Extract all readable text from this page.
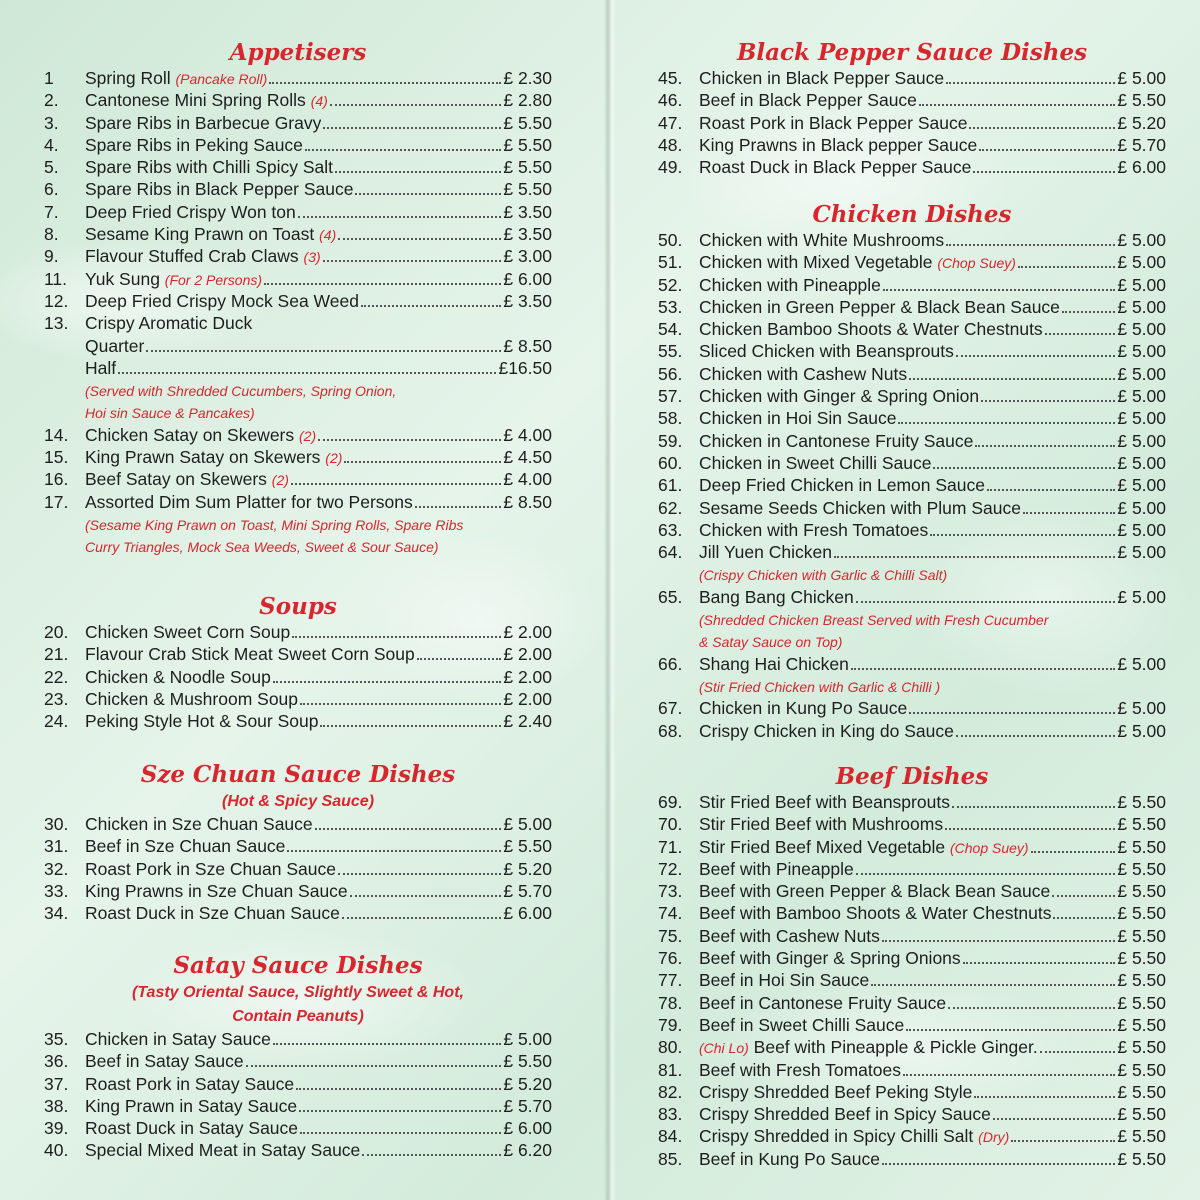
Appetisers
1	Spring Roll (Pancake Roll)	£ 2.30
2.	Cantonese Mini Spring Rolls (4)	£ 2.80
3.	Spare Ribs in Barbecue Gravy	£ 5.50
4.	Spare Ribs in Peking Sauce	£ 5.50
5.	Spare Ribs with Chilli Spicy Salt	£ 5.50
6.	Spare Ribs in Black Pepper Sauce	£ 5.50
7.	Deep Fried Crispy Won ton	£ 3.50
8.	Sesame King Prawn on Toast (4)	£ 3.50
9.	Flavour Stuffed Crab Claws (3)	£ 3.00
11.	Yuk Sung (For 2 Persons)	£ 6.00
12. Deep Fried Crispy Mock Sea Weed	£ 3.50
13. Crispy Aromatic Duck
Quarter	£ 8.50
Half	£16.50
(Served with Shredded Cucumbers, Spring Onion,
Hoi sin Sauce & Pancakes)
14. Chicken Satay on Skewers (2)	£ 4.00
15. King Prawn Satay on Skewers (2)	£ 4.50
16. Beef Satay on Skewers (2)	£ 4.00
17. Assorted Dim Sum Platter for two Persons	£ 8.50
(Sesame King Prawn on Toast, Mini Spring Rolls, Spare Ribs
Curry Triangles, Mock Sea Weeds, Sweet & Sour Sauce)
Soups
20. Chicken Sweet Corn Soup	£ 2.00
21. Flavour Crab Stick Meat Sweet Corn Soup	£ 2.00
22. Chicken & Noodle Soup	£ 2.00
23. Chicken & Mushroom Soup	£ 2.00
24. Peking Style Hot & Sour Soup	£ 2.40
Sze Chuan Sauce Dishes
(Hot & Spicy Sauce)
30. Chicken in Sze Chuan Sauce	£ 5.00
31. Beef in Sze Chuan Sauce	£ 5.50
32. Roast Pork in Sze Chuan Sauce	£ 5.20
33. King Prawns in Sze Chuan Sauce	£ 5.70
34. Roast Duck in Sze Chuan Sauce	£ 6.00
Satay Sauce Dishes
(Tasty Oriental Sauce, Slightly Sweet & Hot,
Contain Peanuts)
35. Chicken in Satay Sauce	£ 5.00
36. Beef in Satay Sauce	£ 5.50
37. Roast Pork in Satay Sauce	£ 5.20
38. King Prawn in Satay Sauce	£ 5.70
39. Roast Duck in Satay Sauce	£ 6.00
40. Special Mixed Meat in Satay Sauce	£ 6.20
Black Pepper Sauce Dishes
45. Chicken in Black Pepper Sauce	£ 5.00
46. Beef in Black Pepper Sauce	£ 5.50
47. Roast Pork in Black Pepper Sauce	£ 5.20
48. King Prawns in Black pepper Sauce	£ 5.70
49. Roast Duck in Black Pepper Sauce	£ 6.00
Chicken Dishes
50. Chicken with White Mushrooms	£ 5.00
51. Chicken with Mixed Vegetable (Chop Suey)	£ 5.00
52. Chicken with Pineapple	£ 5.00
53. Chicken in Green Pepper & Black Bean Sauce	£ 5.00
54. Chicken Bamboo Shoots & Water Chestnuts	£ 5.00
55. Sliced Chicken with Beansprouts	£ 5.00
56. Chicken with Cashew Nuts	£ 5.00
57. Chicken with Ginger & Spring Onion	£ 5.00
58. Chicken in Hoi Sin Sauce	£ 5.00
59. Chicken in Cantonese Fruity Sauce	£ 5.00
60. Chicken in Sweet Chilli Sauce	£ 5.00
61. Deep Fried Chicken in Lemon Sauce	£ 5.00
62. Sesame Seeds Chicken with Plum Sauce	£ 5.00
63. Chicken with Fresh Tomatoes	£ 5.00
64. Jill Yuen Chicken	£ 5.00
(Crispy Chicken with Garlic & Chilli Salt)
65. Bang Bang Chicken	£ 5.00
(Shredded Chicken Breast Served with Fresh Cucumber
& Satay Sauce on Top)
66. Shang Hai Chicken	£ 5.00
(Stir Fried Chicken with Garlic & Chilli )
67. Chicken in Kung Po Sauce	£ 5.00
68. Crispy Chicken in King do Sauce	£ 5.00
Beef Dishes
69. Stir Fried Beef with Beansprouts	£ 5.50
70. Stir Fried Beef with Mushrooms	£ 5.50
71. Stir Fried Beef Mixed Vegetable (Chop Suey)	£ 5.50
72. Beef with Pineapple	£ 5.50
73. Beef with Green Pepper & Black Bean Sauce	£ 5.50
74. Beef with Bamboo Shoots & Water Chestnuts	£ 5.50
75. Beef with Cashew Nuts	£ 5.50
76. Beef with Ginger & Spring Onions	£ 5.50
77. Beef in Hoi Sin Sauce	£ 5.50
78. Beef in Cantonese Fruity Sauce	£ 5.50
79. Beef in Sweet Chilli Sauce	£ 5.50
80.	(Chi Lo) Beef with Pineapple & Pickle Ginger.	£ 5.50
81. Beef with Fresh Tomatoes	£ 5.50
82. Crispy Shredded Beef Peking Style	£ 5.50
83. Crispy Shredded Beef in Spicy Sauce	£ 5.50
84. Crispy Shredded in Spicy Chilli Salt (Dry)	£ 5.50
85. Beef in Kung Po Sauce	£ 5.50
